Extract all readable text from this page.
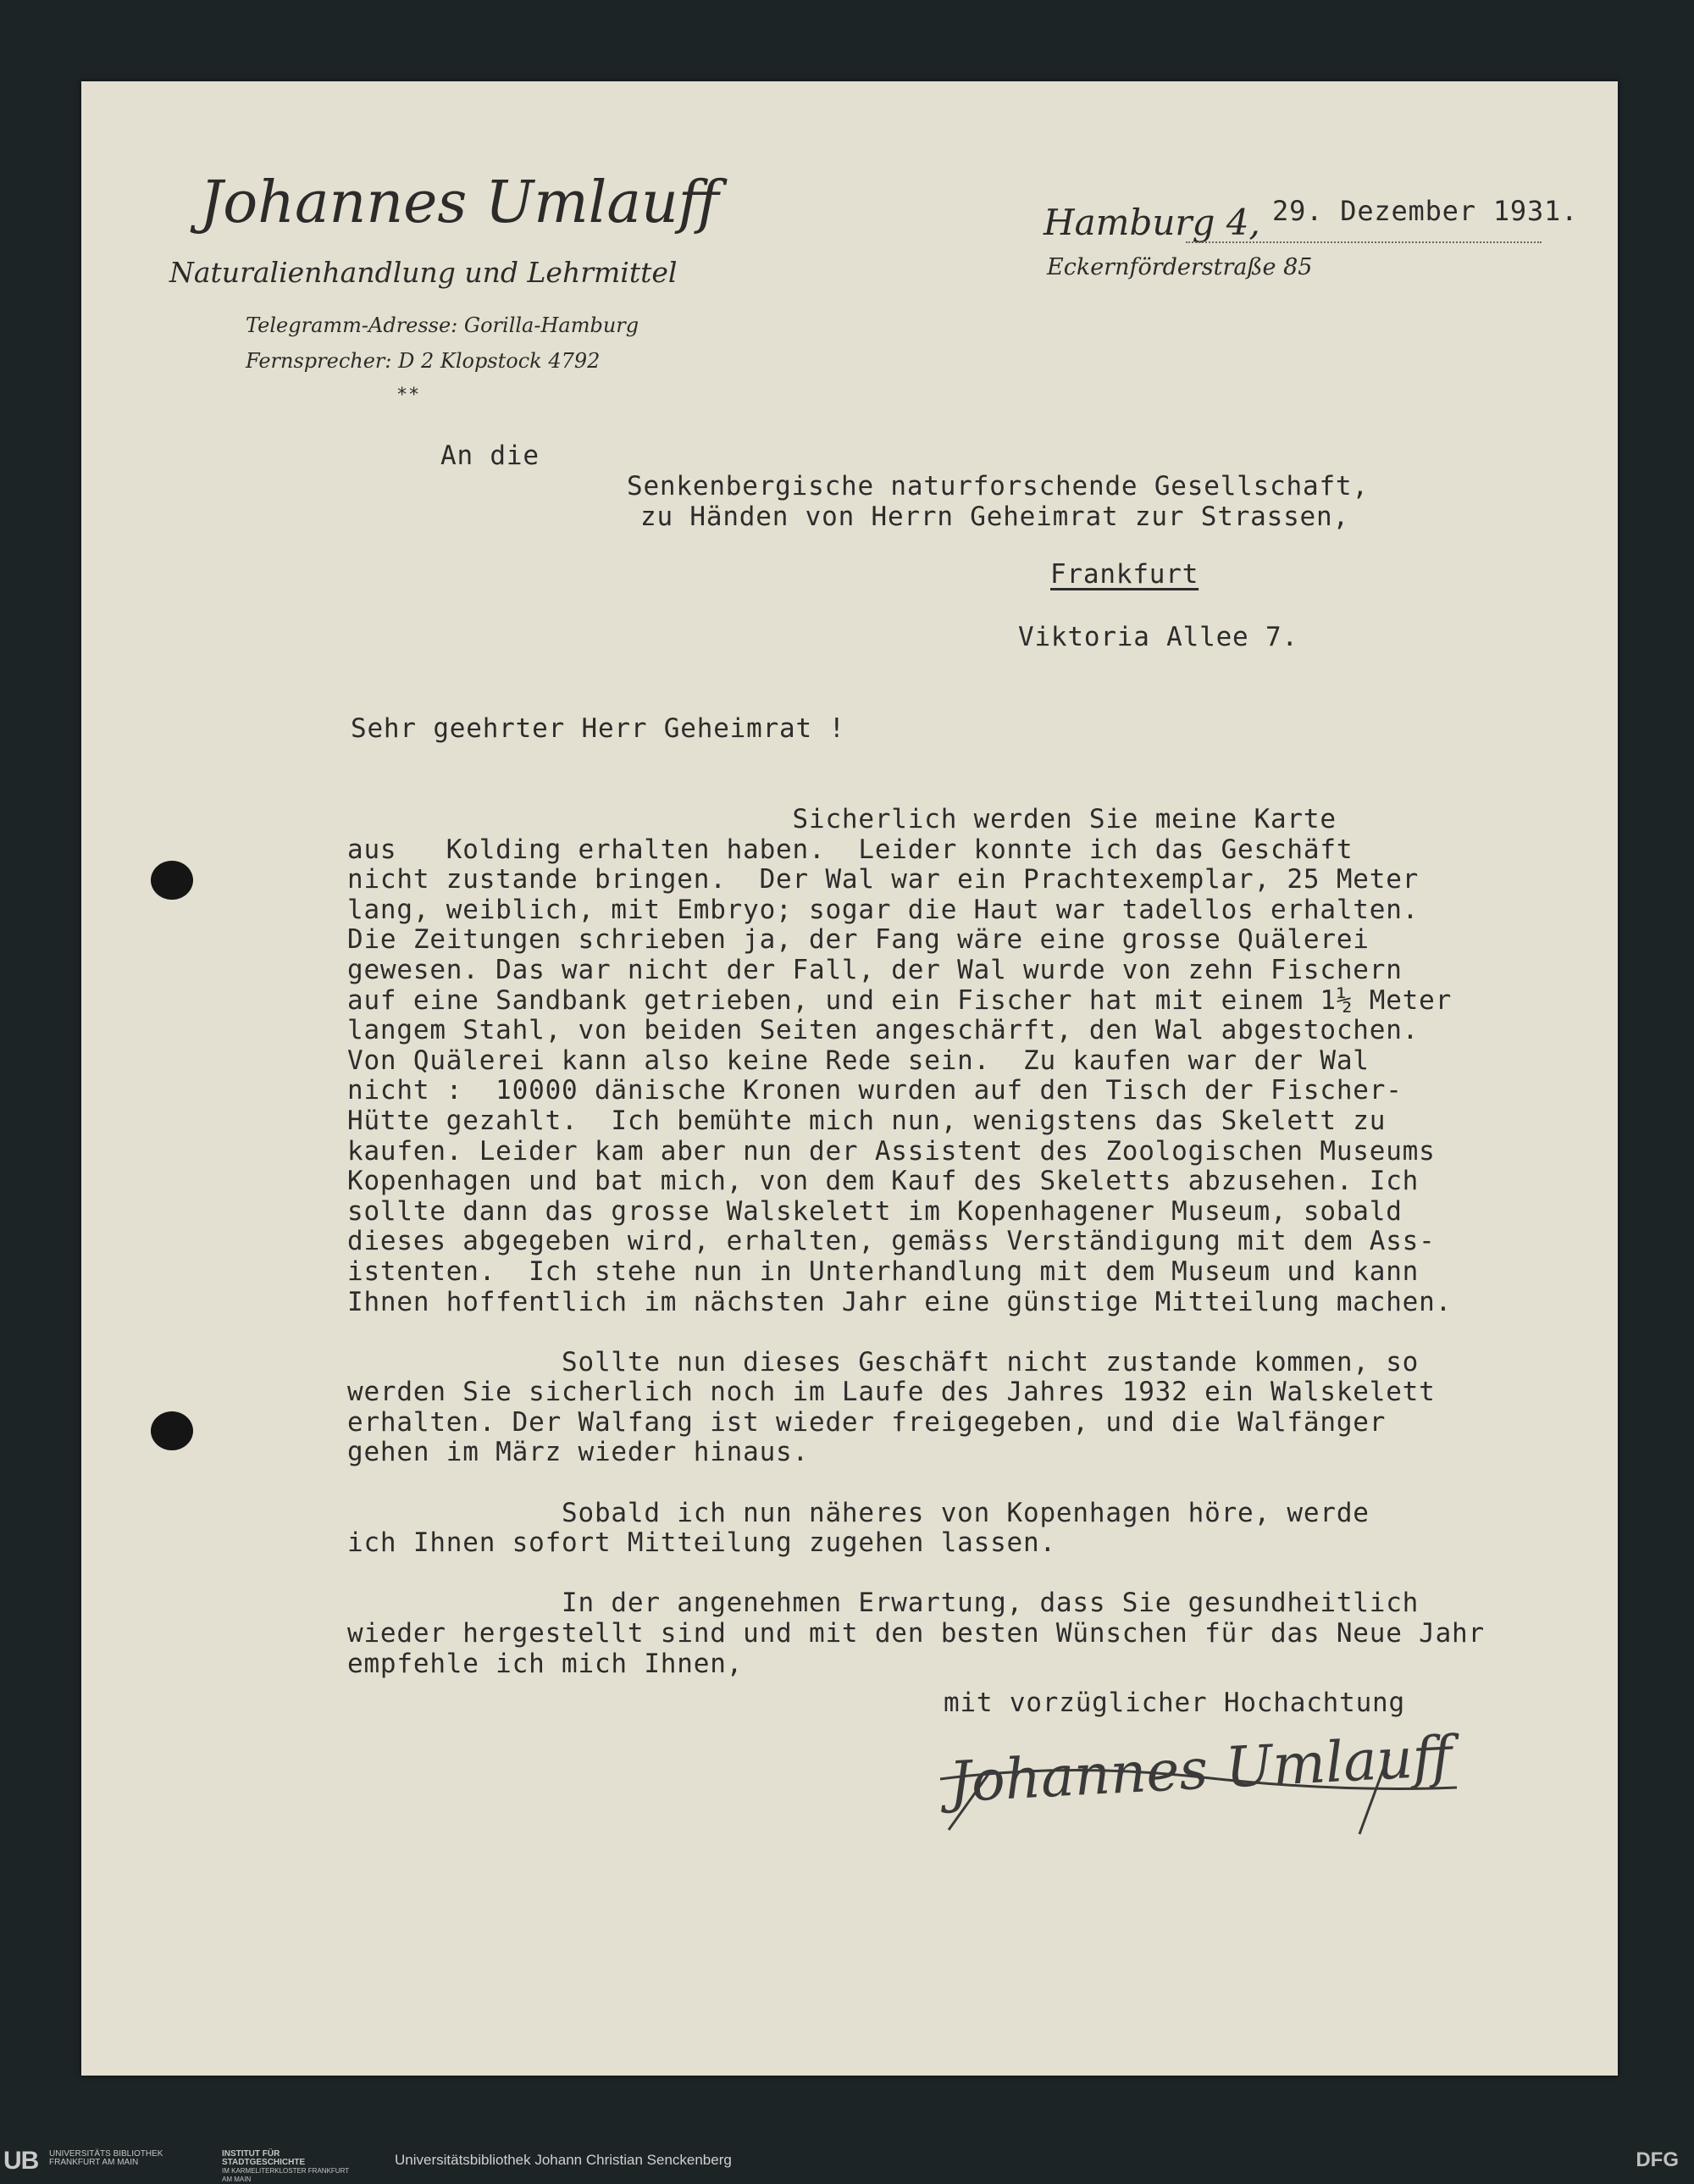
Johannes Umlauff
Naturalienhandlung und Lehrmittel
Telegramm-Adresse: Gorilla-Hamburg
Fernsprecher: D 2 Klopstock 4792
**
Hamburg 4, 29. Dezember 1931.
Eckernförderstraße 85
An die
Senkenbergische naturforschende Gesellschaft,
zu Händen von Herrn Geheimrat zur Strassen,
Frankfurt
Viktoria Allee 7.
Sehr geehrter Herr Geheimrat !
Sicherlich werden Sie meine Karte
aus   Kolding erhalten haben.  Leider konnte ich das Geschäft
nicht zustande bringen.  Der Wal war ein Prachtexemplar, 25 Meter
lang, weiblich, mit Embryo; sogar die Haut war tadellos erhalten.
Die Zeitungen schrieben ja, der Fang wäre eine grosse Quälerei
gewesen. Das war nicht der Fall, der Wal wurde von zehn Fischern
auf eine Sandbank getrieben, und ein Fischer hat mit einem 1½ Meter
langem Stahl, von beiden Seiten angeschärft, den Wal abgestochen.
Von Quälerei kann also keine Rede sein.  Zu kaufen war der Wal
nicht :  10000 dänische Kronen wurden auf den Tisch der Fischer-
Hütte gezahlt.  Ich bemühte mich nun, wenigstens das Skelett zu
kaufen. Leider kam aber nun der Assistent des Zoologischen Museums
Kopenhagen und bat mich, von dem Kauf des Skeletts abzusehen. Ich
sollte dann das grosse Walskelett im Kopenhagener Museum, sobald
dieses abgegeben wird, erhalten, gemäss Verständigung mit dem Ass-
istenten.  Ich stehe nun in Unterhandlung mit dem Museum und kann
Ihnen hoffentlich im nächsten Jahr eine günstige Mitteilung machen.

Sollte nun dieses Geschäft nicht zustande kommen, so
werden Sie sicherlich noch im Laufe des Jahres 1932 ein Walskelett
erhalten. Der Walfang ist wieder freigegeben, und die Walfänger
gehen im März wieder hinaus.

Sobald ich nun näheres von Kopenhagen höre, werde
ich Ihnen sofort Mitteilung zugehen lassen.

In der angenehmen Erwartung, dass Sie gesundheitlich
wieder hergestellt sind und mit den besten Wünschen für das Neue Jahr
empfehle ich mich Ihnen,
mit vorzüglicher Hochachtung
Johannes Umlauff
UB UNIVERSITÄTS BIBLIOTHEK FRANKFURT AM MAIN
INSTITUT FÜR STADTGESCHICHTE
IM KARMELITERKLOSTER FRANKFURT AM MAIN
Universitätsbibliothek Johann Christian Senckenberg	DFG
